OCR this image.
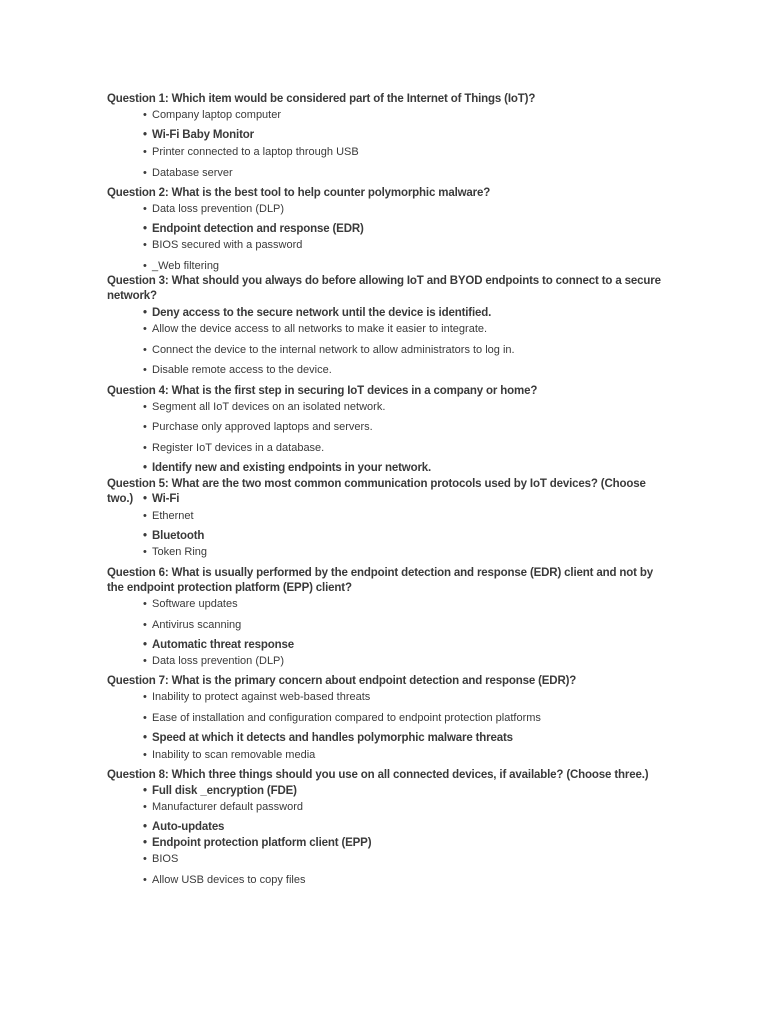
Question 1: Which item would be considered part of the Internet of Things (IoT)?
• Company laptop computer
• Wi-Fi Baby Monitor
• Printer connected to a laptop through USB
• Database server
Question 2: What is the best tool to help counter polymorphic malware?
• Data loss prevention (DLP)
• Endpoint detection and response (EDR)
• BIOS secured with a password
• _Web filtering
Question 3: What should you always do before allowing IoT and BYOD endpoints to connect to a secure network?
• Deny access to the secure network until the device is identified.
• Allow the device access to all networks to make it easier to integrate.
• Connect the device to the internal network to allow administrators to log in.
• Disable remote access to the device.
Question 4: What is the first step in securing IoT devices in a company or home?
• Segment all IoT devices on an isolated network.
• Purchase only approved laptops and servers.
• Register IoT devices in a database.
• Identify new and existing endpoints in your network.
Question 5: What are the two most common communication protocols used by IoT devices? (Choose two.) • Wi-Fi
• Ethernet
• Bluetooth
• Token Ring
Question 6: What is usually performed by the endpoint detection and response (EDR) client and not by the endpoint protection platform (EPP) client?
• Software updates
• Antivirus scanning
• Automatic threat response
• Data loss prevention (DLP)
Question 7: What is the primary concern about endpoint detection and response (EDR)?
• Inability to protect against web-based threats
• Ease of installation and configuration compared to endpoint protection platforms
• Speed at which it detects and handles polymorphic malware threats
• Inability to scan removable media
Question 8: Which three things should you use on all connected devices, if available? (Choose three.)
• Full disk _encryption (FDE)
• Manufacturer default password
• Auto-updates
• Endpoint protection platform client (EPP)
• BIOS
• Allow USB devices to copy files
